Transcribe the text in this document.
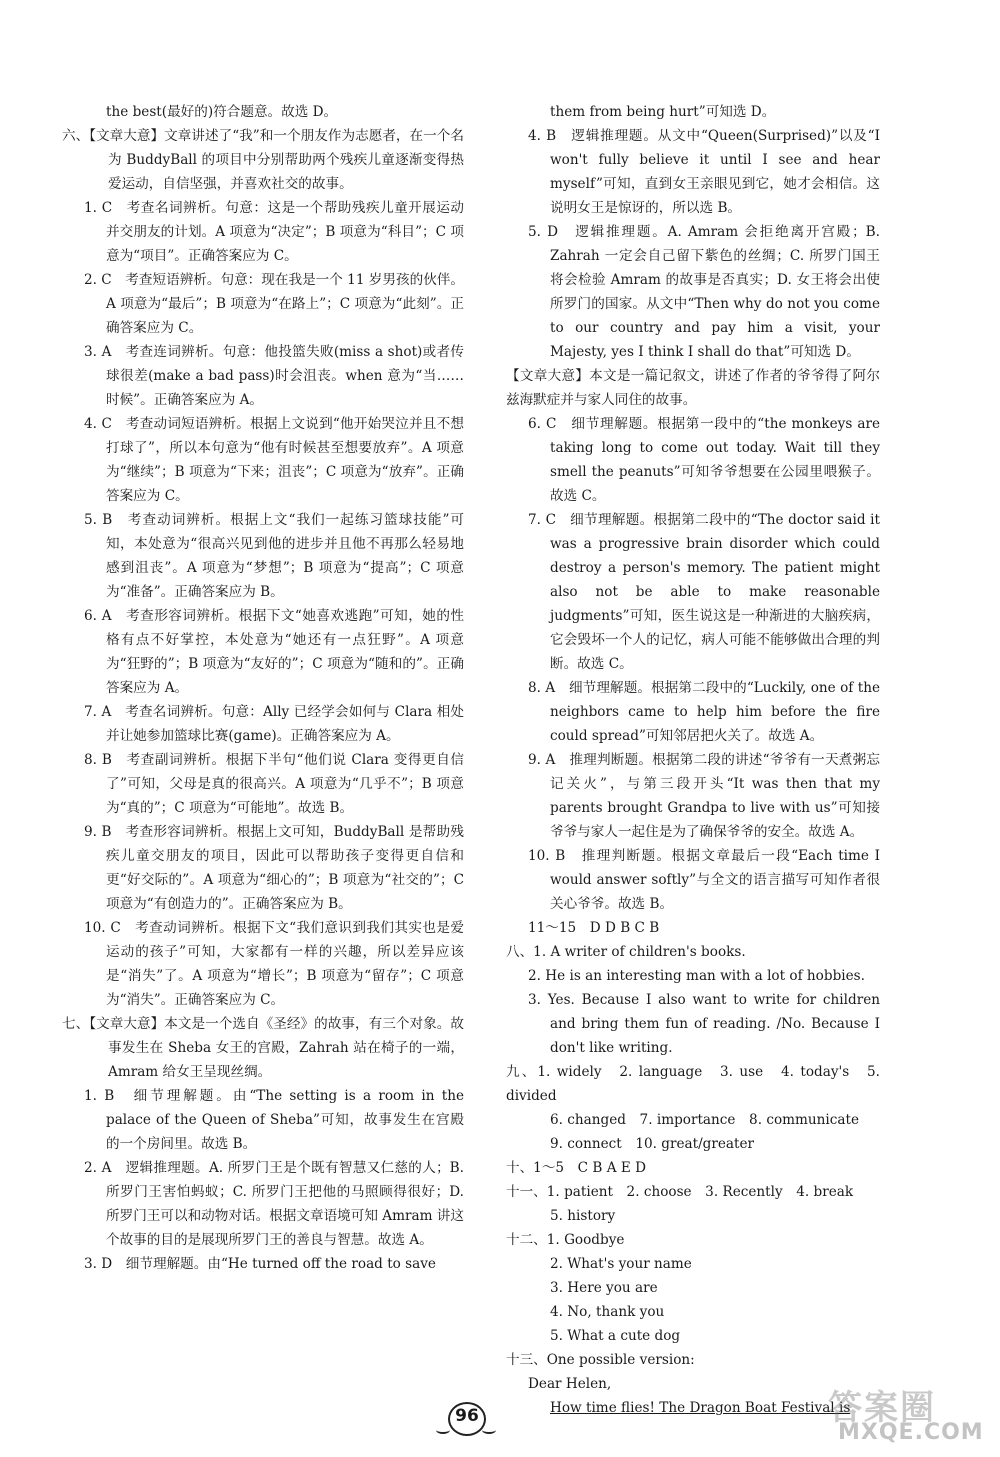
the best(最好的)符合题意。故选 D。

六、【文章大意】文章讲述了“我”和一个朋友作为志愿者，在一个名为 BuddyBall 的项目中分别帮助两个残疾儿童逐渐变得热爱运动，自信坚强，并喜欢社交的故事。

1. C　考查名词辨析。句意：这是一个帮助残疾儿童开展运动并交朋友的计划。A 项意为“决定”；B 项意为“科目”；C 项意为“项目”。正确答案应为 C。

2. C　考查短语辨析。句意：现在我是一个 11 岁男孩的伙伴。A 项意为“最后”；B 项意为“在路上”；C 项意为“此刻”。正确答案应为 C。

3. A　考查连词辨析。句意：他投篮失败(miss a shot)或者传球很差(make a bad pass)时会沮丧。when 意为“当……时候”。正确答案应为 A。

4. C　考查动词短语辨析。根据上文说到“他开始哭泣并且不想打球了”，所以本句意为“他有时候甚至想要放弃”。A 项意为“继续”；B 项意为“下来；沮丧”；C 项意为“放弃”。正确答案应为 C。

5. B　考查动词辨析。根据上文“我们一起练习篮球技能”可知，本处意为“很高兴见到他的进步并且他不再那么轻易地感到沮丧”。A 项意为“梦想”；B 项意为“提高”；C 项意为“准备”。正确答案应为 B。

6. A　考查形容词辨析。根据下文“她喜欢逃跑”可知，她的性格有点不好掌控，本处意为“她还有一点狂野”。A 项意为“狂野的”；B 项意为“友好的”；C 项意为“随和的”。正确答案应为 A。

7. A　考查名词辨析。句意：Ally 已经学会如何与 Clara 相处并让她参加篮球比赛(game)。正确答案应为 A。

8. B　考查副词辨析。根据下半句“他们说 Clara 变得更自信了”可知，父母是真的很高兴。A 项意为“几乎不”；B 项意为“真的”；C 项意为“可能地”。故选 B。

9. B　考查形容词辨析。根据上文可知，BuddyBall 是帮助残疾儿童交朋友的项目，因此可以帮助孩子变得更自信和更“好交际的”。A 项意为“细心的”；B 项意为“社交的”；C 项意为“有创造力的”。正确答案应为 B。

10. C　考查动词辨析。根据下文“我们意识到我们其实也是爱运动的孩子”可知，大家都有一样的兴趣，所以差异应该是“消失”了。A 项意为“增长”；B 项意为“留存”；C 项意为“消失”。正确答案应为 C。

七、【文章大意】本文是一个选自《圣经》的故事，有三个对象。故事发生在 Sheba 女王的宫殿，Zahrah 站在椅子的一端，Amram 给女王呈现丝绸。

1. B　细节理解题。由“The setting is a room in the palace of the Queen of Sheba”可知，故事发生在宫殿的一个房间里。故选 B。

2. A　逻辑推理题。A. 所罗门王是个既有智慧又仁慈的人；B. 所罗门王害怕蚂蚁；C. 所罗门王把他的马照顾得很好；D. 所罗门王可以和动物对话。根据文章语境可知 Amram 讲这个故事的目的是展现所罗门王的善良与智慧。故选 A。

3. D　细节理解题。由“He turned off the road to save

them from being hurt”可知选 D。

4. B　逻辑推理题。从文中“Queen(Surprised)”以及“I won't fully believe it until I see and hear myself”可知，直到女王亲眼见到它，她才会相信。这说明女王是惊讶的，所以选 B。

5. D　逻辑推理题。A. Amram 会拒绝离开宫殿；B. Zahrah 一定会自己留下紫色的丝绸；C. 所罗门国王将会检验 Amram 的故事是否真实；D. 女王将会出使所罗门的国家。从文中“Then why do not you come to our country and pay him a visit, your Majesty, yes I think I shall do that”可知选 D。

【文章大意】本文是一篇记叙文，讲述了作者的爷爷得了阿尔兹海默症并与家人同住的故事。

6. C　细节理解题。根据第一段中的“the monkeys are taking long to come out today. Wait till they smell the peanuts”可知爷爷想要在公园里喂猴子。故选 C。

7. C　细节理解题。根据第二段中的“The doctor said it was a progressive brain disorder which could destroy a person's memory. The patient might also not be able to make reasonable judgments”可知，医生说这是一种渐进的大脑疾病，它会毁坏一个人的记忆，病人可能不能够做出合理的判断。故选 C。

8. A　细节理解题。根据第二段中的“Luckily, one of the neighbors came to help him before the fire could spread”可知邻居把火关了。故选 A。

9. A　推理判断题。根据第二段的讲述“爷爷有一天煮粥忘记关火”，与第三段开头“It was then that my parents brought Grandpa to live with us”可知接爷爷与家人一起住是为了确保爷爷的安全。故选 A。

10. B　推理判断题。根据文章最后一段“Each time I would answer softly”与全文的语言描写可知作者很关心爷爷。故选 B。

11～15　D D B C B

八、1. A writer of children's books.

2. He is an interesting man with a lot of hobbies.

3. Yes. Because I also want to write for children and bring them fun of reading. /No. Because I don't like writing.

九、1. widely　2. language　3. use　4. today's　5. divided

6. changed　7. importance　8. communicate

9. connect　10. great/greater

十、1～5　C B A E D

十一、1. patient　2. choose　3. Recently　4. break

5. history

十二、1. Goodbye

2. What's your name

3. Here you are

4. No, thank you

5. What a cute dog

十三、One possible version:

Dear Helen,

How time flies! The Dragon Boat Festival is

96	答案圈
MXQE.COM
